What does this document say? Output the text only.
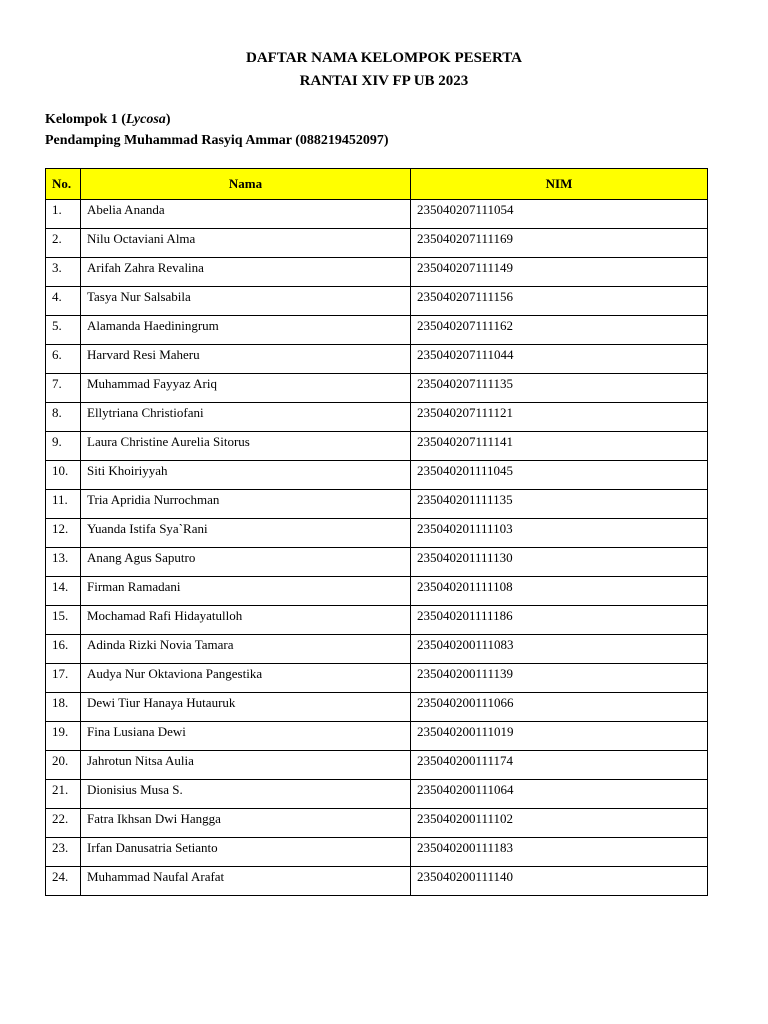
DAFTAR NAMA KELOMPOK PESERTA
RANTAI XIV FP UB 2023
Kelompok 1 (Lycosa)
Pendamping Muhammad Rasyiq Ammar (088219452097)
No.	Nama	NIM
1.	Abelia Ananda	235040207111054
2.	Nilu Octaviani Alma	235040207111169
3.	Arifah Zahra Revalina	235040207111149
4.	Tasya Nur Salsabila	235040207111156
5.	Alamanda Haediningrum	235040207111162
6.	Harvard Resi Maheru	235040207111044
7.	Muhammad Fayyaz Ariq	235040207111135
8.	Ellytriana Christiofani	235040207111121
9.	Laura Christine Aurelia Sitorus	235040207111141
10.	Siti Khoiriyyah	235040201111045
11.	Tria Apridia Nurrochman	235040201111135
12.	Yuanda Istifa Sya`Rani	235040201111103
13.	Anang Agus Saputro	235040201111130
14.	Firman Ramadani	235040201111108
15.	Mochamad Rafi Hidayatulloh	235040201111186
16.	Adinda Rizki Novia Tamara	235040200111083
17.	Audya Nur Oktaviona Pangestika	235040200111139
18.	Dewi Tiur Hanaya Hutauruk	235040200111066
19.	Fina Lusiana Dewi	235040200111019
20.	Jahrotun Nitsa Aulia	235040200111174
21.	Dionisius Musa S.	235040200111064
22.	Fatra Ikhsan Dwi Hangga	235040200111102
23.	Irfan Danusatria Setianto	235040200111183
24.	Muhammad Naufal Arafat	235040200111140
